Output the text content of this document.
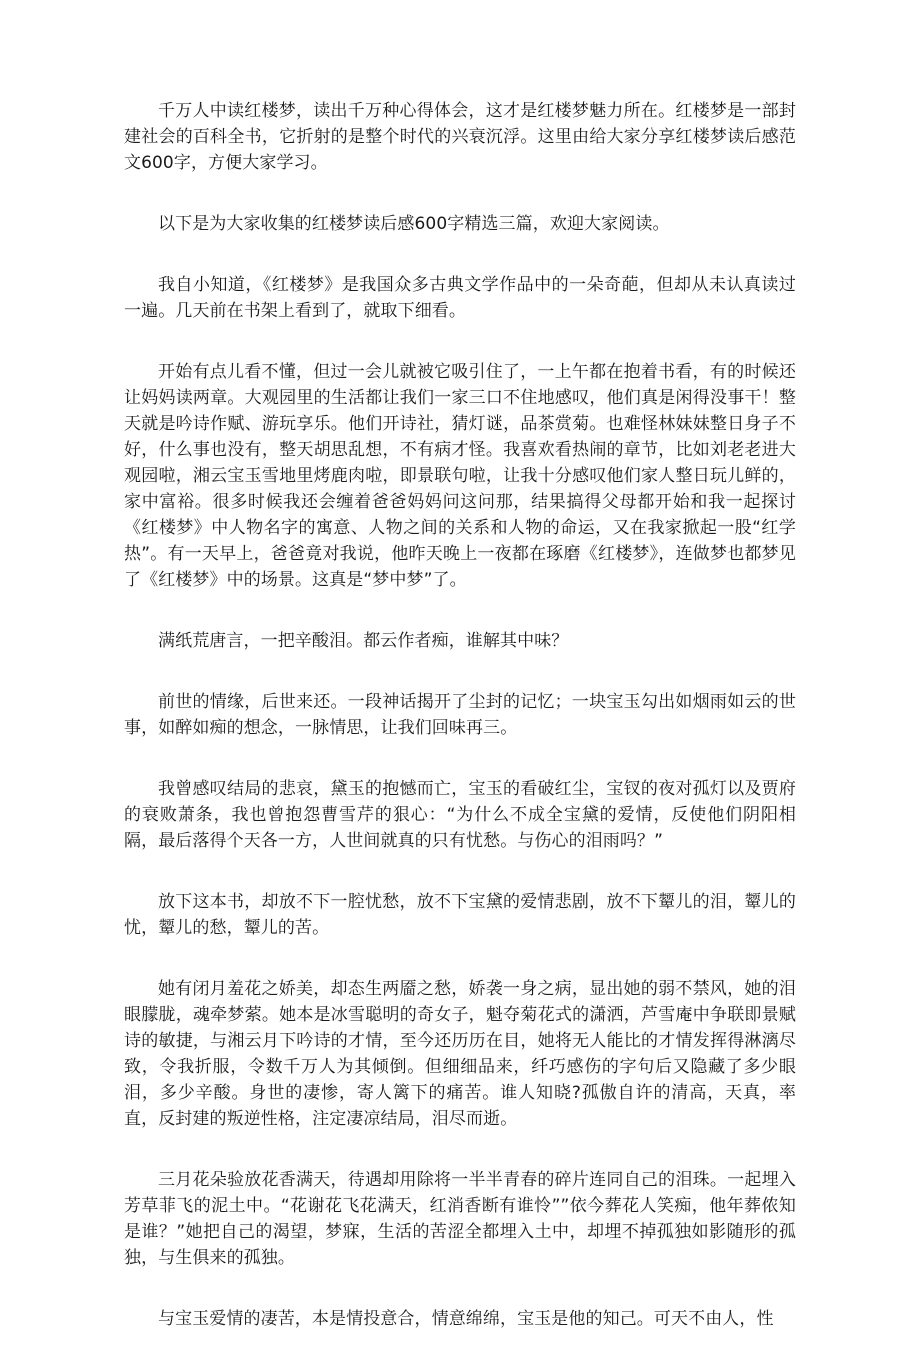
千万人中读红楼梦，读出千万种心得体会，这才是红楼梦魅力所在。红楼梦是一部封建社会的百科全书，它折射的是整个时代的兴衰沉浮。这里由给大家分享红楼梦读后感范文600字，方便大家学习。

以下是为大家收集的红楼梦读后感600字精选三篇，欢迎大家阅读。

我自小知道，《红楼梦》是我国众多古典文学作品中的一朵奇葩，但却从未认真读过一遍。几天前在书架上看到了，就取下细看。

开始有点儿看不懂，但过一会儿就被它吸引住了，一上午都在抱着书看，有的时候还让妈妈读两章。大观园里的生活都让我们一家三口不住地感叹，他们真是闲得没事干！整天就是吟诗作赋、游玩享乐。他们开诗社，猜灯谜，品茶赏菊。也难怪林妹妹整日身子不好，什么事也没有，整天胡思乱想，不有病才怪。我喜欢看热闹的章节，比如刘老老进大观园啦，湘云宝玉雪地里烤鹿肉啦，即景联句啦，让我十分感叹他们家人整日玩儿鲜的，家中富裕。很多时候我还会缠着爸爸妈妈问这问那，结果搞得父母都开始和我一起探讨《红楼梦》中人物名字的寓意、人物之间的关系和人物的命运，又在我家掀起一股“红学热”。有一天早上，爸爸竟对我说，他昨天晚上一夜都在琢磨《红楼梦》，连做梦也都梦见了《红楼梦》中的场景。这真是“梦中梦”了。

满纸荒唐言，一把辛酸泪。都云作者痴，谁解其中味？

前世的情缘，后世来还。一段神话揭开了尘封的记忆；一块宝玉勾出如烟雨如云的世事，如醉如痴的想念，一脉情思，让我们回味再三。

我曾感叹结局的悲哀，黛玉的抱憾而亡，宝玉的看破红尘，宝钗的夜对孤灯以及贾府的衰败萧条，我也曾抱怨曹雪芹的狠心：“为什么不成全宝黛的爱情，反使他们阴阳相隔，最后落得个天各一方，人世间就真的只有忧愁。与伤心的泪雨吗？”

放下这本书，却放不下一腔忧愁，放不下宝黛的爱情悲剧，放不下颦儿的泪，颦儿的忧，颦儿的愁，颦儿的苦。

她有闭月羞花之娇美，却态生两靥之愁，娇袭一身之病，显出她的弱不禁风，她的泪眼朦胧，魂牵梦萦。她本是冰雪聪明的奇女子，魁夺菊花式的潇洒，芦雪庵中争联即景赋诗的敏捷，与湘云月下吟诗的才情，至今还历历在目，她将无人能比的才情发挥得淋漓尽致，令我折服，令数千万人为其倾倒。但细细品来，纤巧感伤的字句后又隐藏了多少眼泪，多少辛酸。身世的凄惨，寄人篱下的痛苦。谁人知晓?孤傲自许的清高，天真，率直，反封建的叛逆性格，注定凄凉结局，泪尽而逝。

三月花朵验放花香满天，待遇却用除将一半半青春的碎片连同自己的泪珠。一起埋入芳草菲飞的泥土中。“花谢花飞花满天，红消香断有谁怜””依今葬花人笑痴，他年葬侬知是谁？”她把自己的渴望，梦寐，生活的苦涩全都埋入土中，却埋不掉孤独如影随形的孤独，与生俱来的孤独。

与宝玉爱情的凄苦，本是情投意合，情意绵绵，宝玉是他的知己。可天不由人，性
